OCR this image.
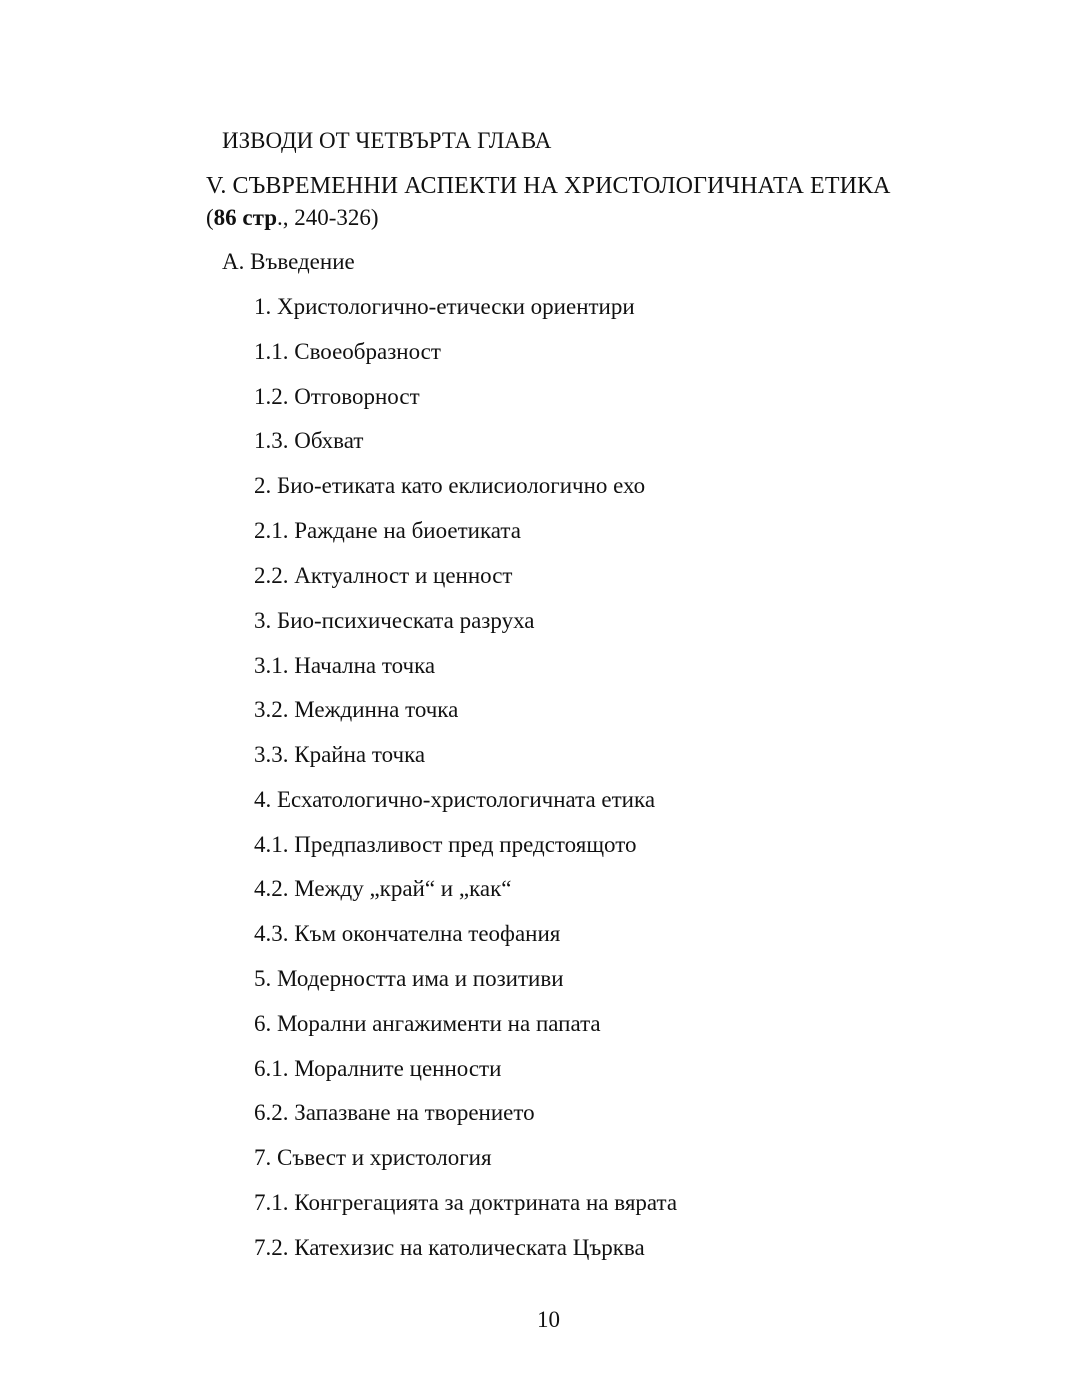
ИЗВОДИ ОТ ЧЕТВЪРТА ГЛАВА
V. СЪВРЕМЕННИ АСПЕКТИ НА ХРИСТОЛОГИЧНАТА ЕТИКА
(86 стр., 240-326)
А. Въведение
1. Христологично-етически ориентири
1.1. Своеобразност
1.2. Отговорност
1.3. Обхват
2. Био-етиката като еклисиологично ехо
2.1. Раждане на биоетиката
2.2. Актуалност и ценност
3. Био-психическата разруха
3.1. Начална точка
3.2. Междинна точка
3.3. Крайна точка
4. Есхатологично-христологичната етика
4.1. Предпазливост пред предстоящото
4.2. Между „край“ и „как“
4.3. Към окончателна теофания
5. Модерността има и позитиви
6. Морални ангажименти на папата
6.1. Моралните ценности
6.2. Запазване на творението
7. Съвест и христология
7.1. Конгрегацията за доктрината на вярата
7.2. Катехизис на католическата Църква
10
